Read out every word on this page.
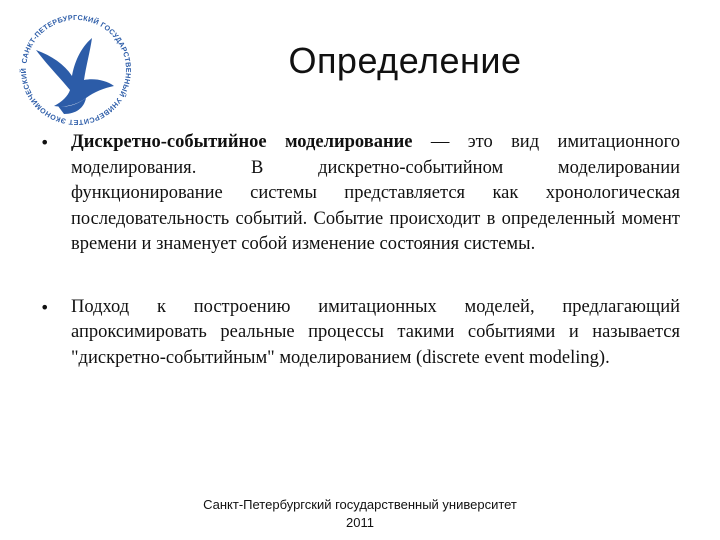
САНКТ-ПЕТЕРБУРГСКИЙ ГОСУДАРСТВЕННЫЙ УНИВЕРСИТЕТ ЭКОНОМИЧЕСКИЙ	Определение
• Дискретно-событийное моделирование — это вид имитационного моделирования. В дискретно-событийном моделировании функционирование системы представляется как хронологическая последовательность событий. Событие происходит в определенный момент времени и знаменует собой изменение состояния системы.
• Подход к построению имитационных моделей, предлагающий апроксимировать реальные процессы такими событиями и называется "дискретно-событийным" моделированием (discrete event modeling).
Санкт-Петербургский государственный университет
2011
